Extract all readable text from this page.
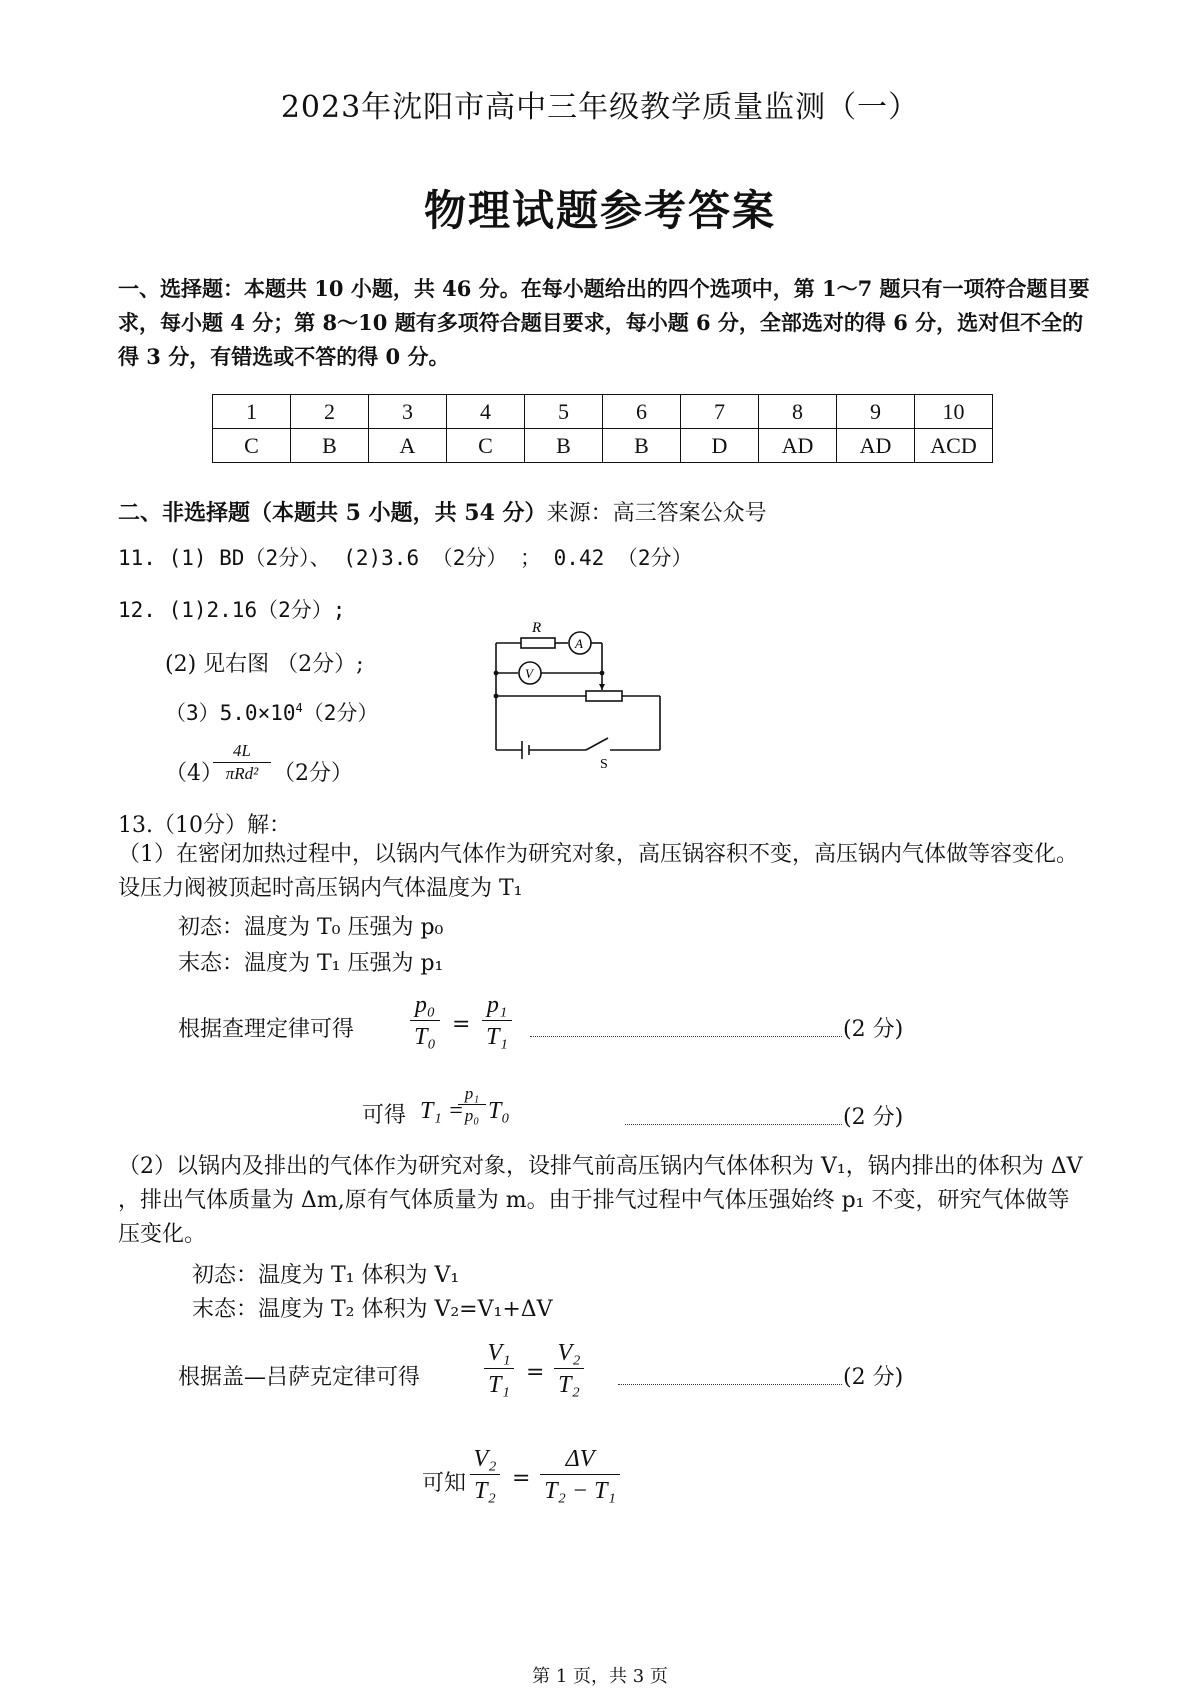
2023年沈阳市高中三年级教学质量监测（一）
物理试题参考答案
一、选择题：本题共 10 小题，共 46 分。在每小题给出的四个选项中，第 1～7 题只有一项符合题目要求，每小题 4 分；第 8～10 题有多项符合题目要求，每小题 6 分，全部选对的得 6 分，选对但不全的得 3 分，有错选或不答的得 0 分。
1	2	3	4	5	6	7	8	9	10
C	B	A	C	B	B	D	AD	AD	ACD
二、非选择题（本题共 5 小题，共 54 分）来源：高三答案公众号
11. (1) BD（2分）、 (2)3.6 （2分） ； 0.42 （2分）
12. (1)2.16（2分）;
(2) 见右图 （2分）;
$(3)5.0\times 10^4(2$分）
（4）
4L
πRd² （2分）
R
A
V
S
13.（10分）解：
（1）在密闭加热过程中，以锅内气体作为研究对象，高压锅容积不变，高压锅内气体做等容变化。设压力阀被顶起时高压锅内气体温度为 T₁
初态：温度为 T₀ 压强为 p₀
末态：温度为 T₁ 压强为 p₁
根据查理定律可得
p₀
T₀ =
p₁
T₁	(2 分)
可得 T₁ =
p₁
p₀ T₀	(2 分)
（2）以锅内及排出的气体作为研究对象，设排气前高压锅内气体体积为 V₁，锅内排出的体积为 ΔV ，排出气体质量为 Δm,原有气体质量为 m。由于排气过程中气体压强始终 p₁ 不变，研究气体做等压变化。
初态：温度为 T₁ 体积为 V₁
末态：温度为 T₂ 体积为 V₂=V₁+ΔV
根据盖—吕萨克定律可得
V₁
T₁ =
V₂
T₂	(2 分)
可知
V₂
T₂ =
ΔV
T₂ − T₁
第 1 页，共 3 页
